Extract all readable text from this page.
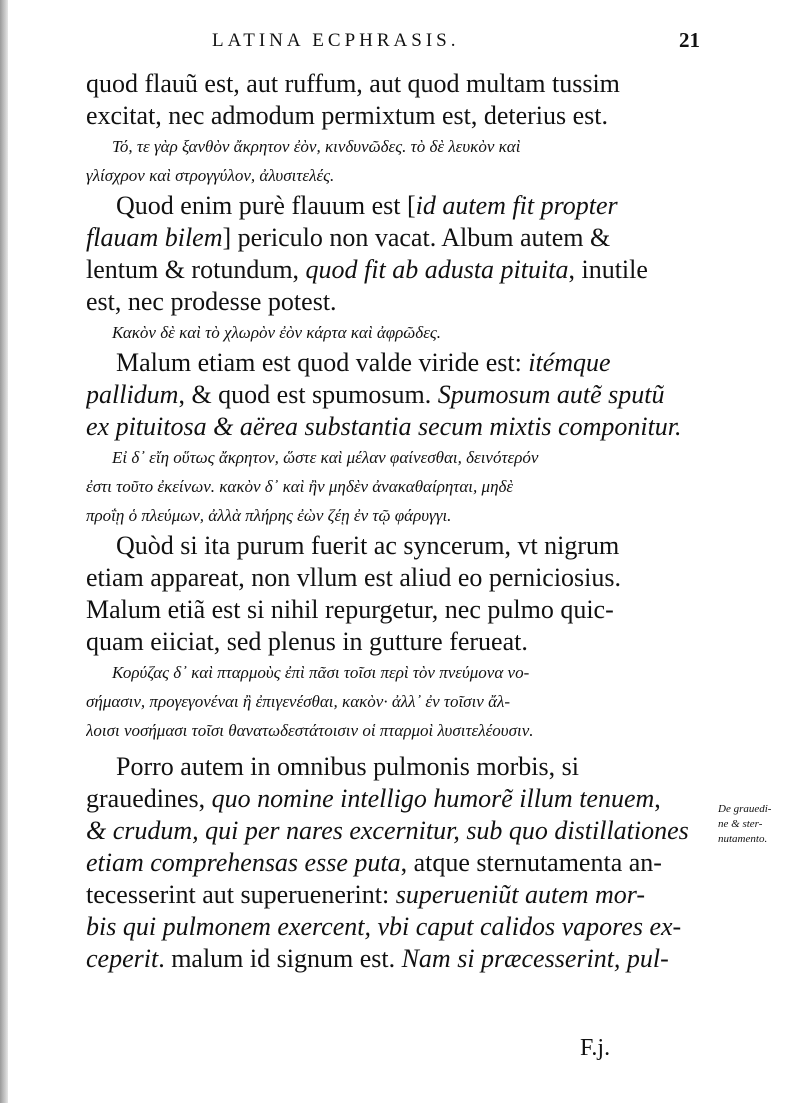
LATINA ECPHRASIS.	21
quod flauũ est, aut ruffum, aut quod multam tussim
excitat, nec admodum permixtum est, deterius est.
Τό, τε γὰρ ξανθὸν ἄκρητον ἐὸν, κινδυνῶδες. τὸ δὲ λευκὸν καὶ
γλίσχρον καὶ στρογγύλον, ἀλυσιτελές.
Quod enim purè flauum est [id autem fit propter
flauam bilem] periculo non vacat. Album autem &
lentum & rotundum, quod fit ab adusta pituita, inutile
est, nec prodesse potest.
Κακὸν δὲ καὶ τὸ χλωρὸν ἐὸν κάρτα καὶ ἀφρῶδες.
Malum etiam est quod valde viride est: itémque
pallidum, & quod est spumosum. Spumosum autẽ sputũ
ex pituitosa & aërea substantia secum mixtis componitur.
Εἰ δ᾽ εἴη οὕτως ἄκρητον, ὥστε καὶ μέλαν φαίνεσθαι, δεινότερόν
ἐστι τοῦτο ἐκείνων. κακὸν δ᾽ καὶ ἢν μηδὲν ἀνακαθαίρηται, μηδὲ
πρoΐῃ ὁ πλεύμων, ἀλλὰ πλήρης ἐὼν ζέῃ ἐν τῷ φάρυγγι.
Quòd si ita purum fuerit ac syncerum, vt nigrum
etiam appareat, non vllum est aliud eo perniciosius.
Malum etiã est si nihil repurgetur, nec pulmo quic-
quam eiiciat, sed plenus in gutture ferueat.
Κορύζας δ᾽ καὶ πταρμοὺς ἐπὶ πᾶσι τοῖσι περὶ τὸν πνεύμονα νο-
σήμασιν, προγεγονέναι ἢ ἐπιγενέσθαι, κακὸν· ἀλλ᾽ ἐν τοῖσιν ἄλ-
λοισι νοσήμασι τοῖσι θανατωδεστάτοισιν οἱ πταρμοὶ λυσιτελέουσιν.
Porro autem in omnibus pulmonis morbis, si
grauedines, quo nomine intelligo humorẽ illum tenuem,
& crudum, qui per nares excernitur, sub quo distillationes
etiam comprehensas esse puta, atque sternutamenta an-
tecesserint aut superuenerint: superueniũt autem mor-
bis qui pulmonem exercent, vbi caput calidos vapores ex-
ceperit. malum id signum est. Nam si præcesserint, pul-
De grauedi-
ne & ster-
nutamento.
F.j.
